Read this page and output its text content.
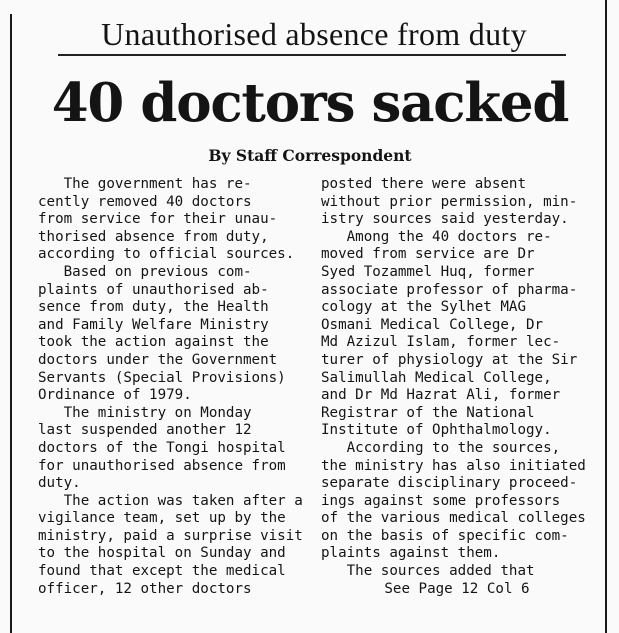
Unauthorised absence from duty
40 doctors sacked
By Staff Correspondent
The government has re-
cently removed 40 doctors
from service for their unau-
thorised absence from duty,
according to official sources.
Based on previous com-
plaints of unauthorised ab-
sence from duty, the Health
and Family Welfare Ministry
took the action against the
doctors under the Government
Servants (Special Provisions)
Ordinance of 1979.
The ministry on Monday
last suspended another 12
doctors of the Tongi hospital
for unauthorised absence from
duty.
The action was taken after a
vigilance team, set up by the
ministry, paid a surprise visit
to the hospital on Sunday and
found that except the medical
officer, 12 other doctors
posted there were absent
without prior permission, min-
istry sources said yesterday.
Among the 40 doctors re-
moved from service are Dr
Syed Tozammel Huq, former
associate professor of pharma-
cology at the Sylhet MAG
Osmani Medical College, Dr
Md Azizul Islam, former lec-
turer of physiology at the Sir
Salimullah Medical College,
and Dr Md Hazrat Ali, former
Registrar of the National
Institute of Ophthalmology.
According to the sources,
the ministry has also initiated
separate disciplinary proceed-
ings against some professors
of the various medical colleges
on the basis of specific com-
plaints against them.
The sources added that
See Page 12 Col 6
